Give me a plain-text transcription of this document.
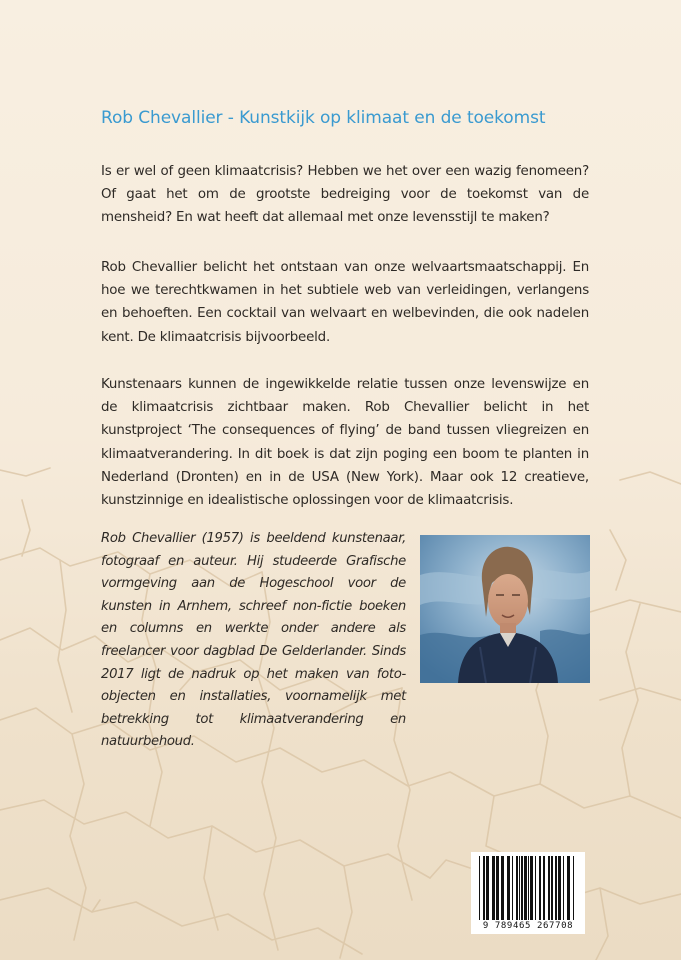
Rob Chevallier - Kunstkijk op klimaat en de toekomst

Is er wel of geen klimaatcrisis? Hebben we het over een wazig fenomeen? Of gaat het om de grootste bedreiging voor de toekomst van de mensheid? En wat heeft dat allemaal met onze levensstijl te maken?

Rob Chevallier belicht het ontstaan van onze welvaartsmaatschappij. En hoe we terechtkwamen in het subtiele web van verleidingen, verlangens en behoeften. Een cocktail van welvaart en welbevinden, die ook nadelen kent. De klimaatcrisis bijvoorbeeld.

Kunstenaars kunnen de ingewikkelde relatie tussen onze levenswijze en de klimaatcrisis zichtbaar maken. Rob Chevallier belicht in het kunstproject ‘The consequences of flying’ de band tussen vliegreizen en klimaatverandering. In dit boek is dat zijn poging een boom te planten in Nederland (Dronten) en in de USA (New York). Maar ook 12 creatieve, kunstzinnige en idealistische oplossingen voor de klimaatcrisis.

Rob Chevallier (1957) is beeldend kunstenaar, fotograaf en auteur. Hij studeerde Grafische vormgeving aan de Hogeschool voor de kunsten in Arnhem, schreef non-fictie boeken en columns en werkte onder andere als freelancer voor dagblad De Gelderlander. Sinds 2017 ligt de nadruk op het maken van foto-objecten en installaties, voornamelijk met betrekking tot klimaatverandering en natuurbehoud.

9 789465 267708
